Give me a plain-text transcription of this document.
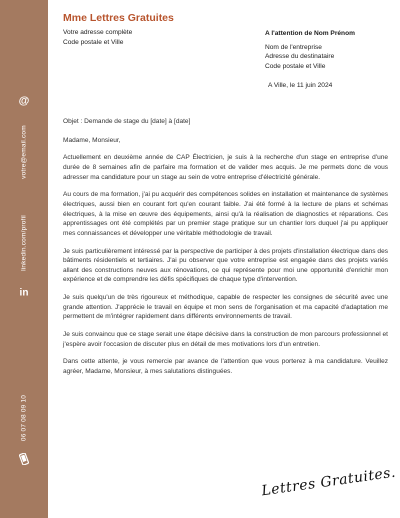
@
votre@email.com
in
linkedin.com/profil
06 07 08 09 10
Mme Lettres Gratuites
Votre adresse complète
Code postale et Ville
A l'attention de Nom Prénom
Nom de l'entreprise
Adresse du destinataire
Code postale et Ville
A Ville, le 11 juin 2024

Objet : Demande de stage du [date] à [date]

Madame, Monsieur,

Actuellement en deuxième année de CAP Électricien, je suis à la recherche d'un stage en entreprise d'une durée de 8 semaines afin de parfaire ma formation et de valider mes acquis. Je me permets donc de vous adresser ma candidature pour un stage au sein de votre entreprise d'électricité générale.

Au cours de ma formation, j'ai pu acquérir des compétences solides en installation et maintenance de systèmes électriques, aussi bien en courant fort qu'en courant faible. J'ai été formé à la lecture de plans et schémas électriques, à la mise en œuvre des équipements, ainsi qu'à la réalisation de diagnostics et réparations. Ces apprentissages ont été complétés par un premier stage pratique sur un chantier lors duquel j'ai pu appliquer mes connaissances et développer une véritable méthodologie de travail.

Je suis particulièrement intéressé par la perspective de participer à des projets d'installation électrique dans des bâtiments résidentiels et tertiaires. J'ai pu observer que votre entreprise est engagée dans des projets variés allant des constructions neuves aux rénovations, ce qui représente pour moi une opportunité d'enrichir mon expérience et de comprendre les défis spécifiques de chaque type d'intervention.

Je suis quelqu'un de très rigoureux et méthodique, capable de respecter les consignes de sécurité avec une grande attention. J'apprécie le travail en équipe et mon sens de l'organisation et ma capacité d'adaptation me permettent de m'intégrer rapidement dans différents environnements de travail.

Je suis convaincu que ce stage serait une étape décisive dans la construction de mon parcours professionnel et j'espère avoir l'occasion de discuter plus en détail de mes motivations lors d'un entretien.

Dans cette attente, je vous remercie par avance de l'attention que vous porterez à ma candidature. Veuillez agréer, Madame, Monsieur, à mes salutations distinguées.

Lettres Gratuites.
